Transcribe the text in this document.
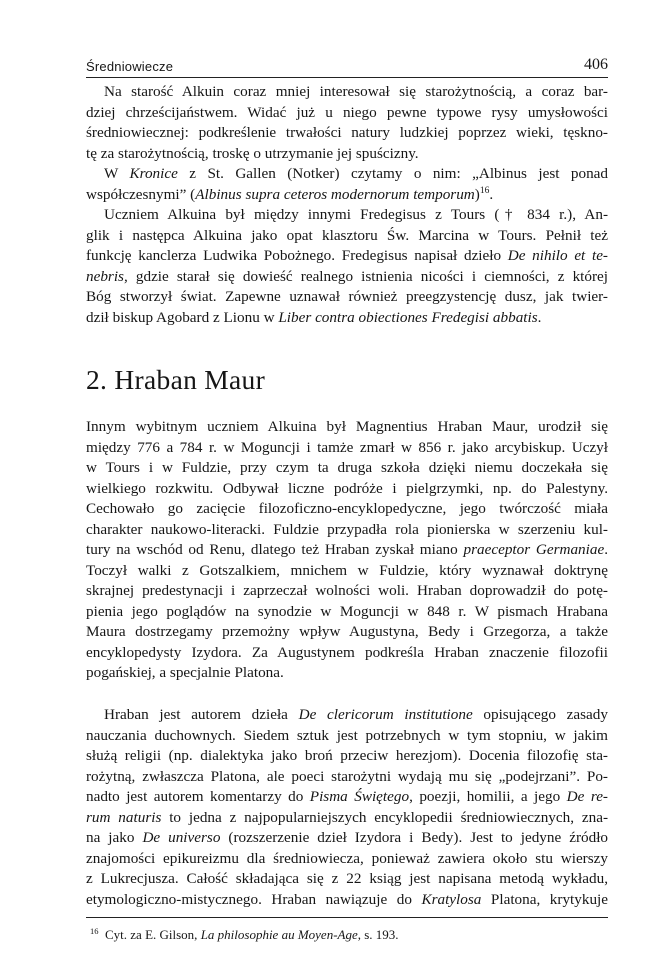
Średniowiecze	406
Na starość Alkuin coraz mniej interesował się starożytnością, a coraz bar-
dziej chrześcijaństwem. Widać już u niego pewne typowe rysy umysłowości
średniowiecznej: podkreślenie trwałości natury ludzkiej poprzez wieki, tęskno-
tę za starożytnością, troskę o utrzymanie jej spuścizny.
W Kronice z St. Gallen (Notker) czytamy o nim: „Albinus jest ponad
współczesnymi” (Albinus supra ceteros modernorum temporum)$^{16}$.
Uczniem Alkuina był między innymi Fredegisus z Tours († 834 r.), An-
glik i następca Alkuina jako opat klasztoru Św. Marcina w Tours. Pełnił też
funkcję kanclerza Ludwika Pobożnego. Fredegisus napisał dzieło De nihilo et te-
nebris, gdzie starał się dowieść realnego istnienia nicości i ciemności, z której
Bóg stworzył świat. Zapewne uznawał również preegzystencję dusz, jak twier-
dził biskup Agobard z Lionu w Liber contra obiectiones Fredegisi abbatis.
2. Hraban Maur
Innym wybitnym uczniem Alkuina był Magnentius Hraban Maur, urodził się
między 776 a 784 r. w Moguncji i tamże zmarł w 856 r. jako arcybiskup. Uczył
w Tours i w Fuldzie, przy czym ta druga szkoła dzięki niemu doczekała się
wielkiego rozkwitu. Odbywał liczne podróże i pielgrzymki, np. do Palestyny.
Cechowało go zacięcie filozoficzno-encyklopedyczne, jego twórczość miała
charakter naukowo-literacki. Fuldzie przypadła rola pionierska w szerzeniu kul-
tury na wschód od Renu, dlatego też Hraban zyskał miano praeceptor Germaniae.
Toczył walki z Gotszalkiem, mnichem w Fuldzie, który wyznawał doktrynę
skrajnej predestynacji i zaprzeczał wolności woli. Hraban doprowadził do potę-
pienia jego poglądów na synodzie w Moguncji w 848 r. W pismach Hrabana
Maura dostrzegamy przemożny wpływ Augustyna, Bedy i Grzegorza, a także
encyklopedysty Izydora. Za Augustynem podkreśla Hraban znaczenie filozofii
pogańskiej, a specjalnie Platona.
Hraban jest autorem dzieła De clericorum institutione opisującego zasady
nauczania duchownych. Siedem sztuk jest potrzebnych w tym stopniu, w jakim
służą religii (np. dialektyka jako broń przeciw herezjom). Docenia filozofię sta-
rożytną, zwłaszcza Platona, ale poeci starożytni wydają mu się „podejrzani”. Po-
nadto jest autorem komentarzy do Pisma Świętego, poezji, homilii, a jego De re-
rum naturis to jedna z najpopularniejszych encyklopedii średniowiecznych, zna-
na jako De universo (rozszerzenie dzieł Izydora i Bedy). Jest to jedyne źródło
znajomości epikureizmu dla średniowiecza, ponieważ zawiera około stu wierszy
z Lukrecjusza. Całość składająca się z 22 ksiąg jest napisana metodą wykładu,
etymologiczno-mistycznego. Hraban nawiązuje do Kratylosa Platona, krytykuje
$^{16}$ Cyt. za E. Gilson, La philosophie au Moyen-Age, s. 193.
